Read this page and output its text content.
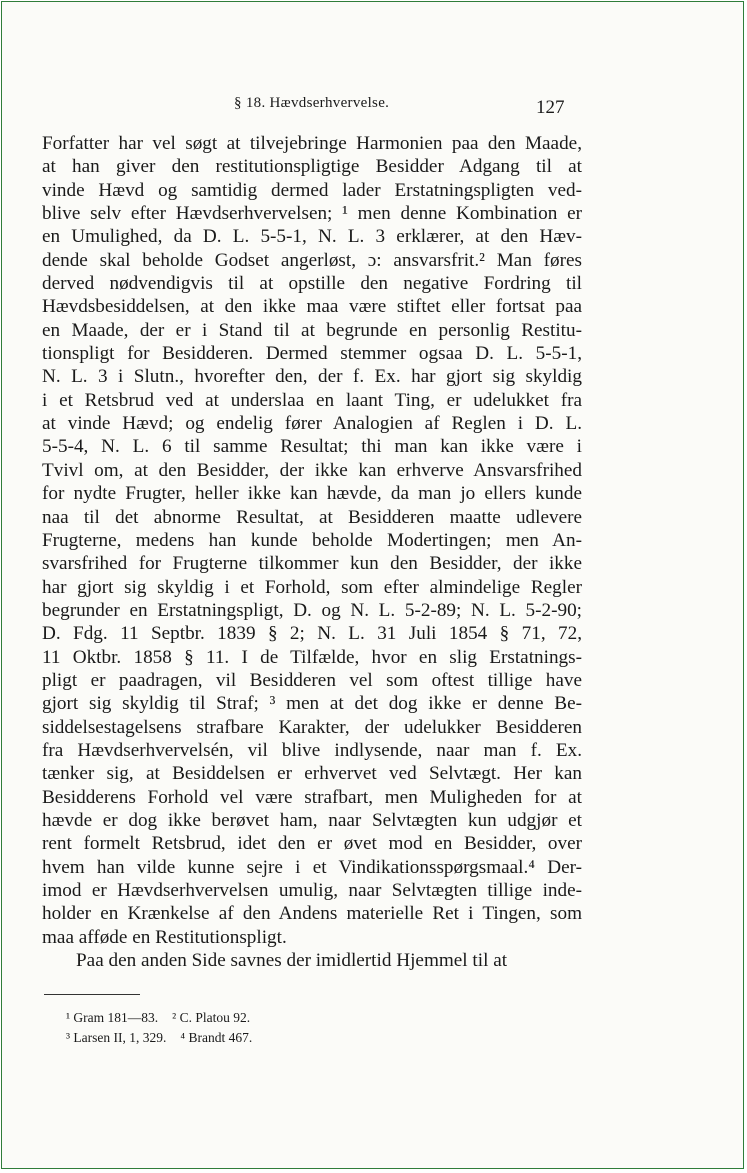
§ 18. Hævdserhvervelse.	127
Forfatter har vel søgt at tilvejebringe Harmonien paa den Maade,
at han giver den restitutionspligtige Besidder Adgang til at
vinde Hævd og samtidig dermed lader Erstatningspligten ved-
blive selv efter Hævdserhvervelsen; ¹ men denne Kombination er
en Umulighed, da D. L. 5-5-1, N. L. 3 erklærer, at den Hæv-
dende skal beholde Godset angerløst, ɔ: ansvarsfrit.² Man føres
derved nødvendigvis til at opstille den negative Fordring til
Hævdsbesiddelsen, at den ikke maa være stiftet eller fortsat paa
en Maade, der er i Stand til at begrunde en personlig Restitu-
tionspligt for Besidderen. Dermed stemmer ogsaa D. L. 5-5-1,
N. L. 3 i Slutn., hvorefter den, der f. Ex. har gjort sig skyldig
i et Retsbrud ved at underslaa en laant Ting, er udelukket fra
at vinde Hævd; og endelig fører Analogien af Reglen i D. L.
5-5-4, N. L. 6 til samme Resultat; thi man kan ikke være i
Tvivl om, at den Besidder, der ikke kan erhverve Ansvarsfrihed
for nydte Frugter, heller ikke kan hævde, da man jo ellers kunde
naa til det abnorme Resultat, at Besidderen maatte udlevere
Frugterne, medens han kunde beholde Modertingen; men An-
svarsfrihed for Frugterne tilkommer kun den Besidder, der ikke
har gjort sig skyldig i et Forhold, som efter almindelige Regler
begrunder en Erstatningspligt, D. og N. L. 5-2-89; N. L. 5-2-90;
D. Fdg. 11 Septbr. 1839 § 2; N. L. 31 Juli 1854 § 71, 72,
11 Oktbr. 1858 § 11. I de Tilfælde, hvor en slig Erstatnings-
pligt er paadragen, vil Besidderen vel som oftest tillige have
gjort sig skyldig til Straf; ³ men at det dog ikke er denne Be-
siddelsestagelsens strafbare Karakter, der udelukker Besidderen
fra Hævdserhvervelsén, vil blive indlysende, naar man f. Ex.
tænker sig, at Besiddelsen er erhvervet ved Selvtægt. Her kan
Besidderens Forhold vel være strafbart, men Muligheden for at
hævde er dog ikke berøvet ham, naar Selvtægten kun udgjør et
rent formelt Retsbrud, idet den er øvet mod en Besidder, over
hvem han vilde kunne sejre i et Vindikationsspørgsmaal.⁴ Der-
imod er Hævdserhvervelsen umulig, naar Selvtægten tillige inde-
holder en Krænkelse af den Andens materielle Ret i Tingen, som
maa afføde en Restitutionspligt.
Paa den anden Side savnes der imidlertid Hjemmel til at
¹ Gram 181—83. ² C. Platou 92.
³ Larsen II, 1, 329. ⁴ Brandt 467.
